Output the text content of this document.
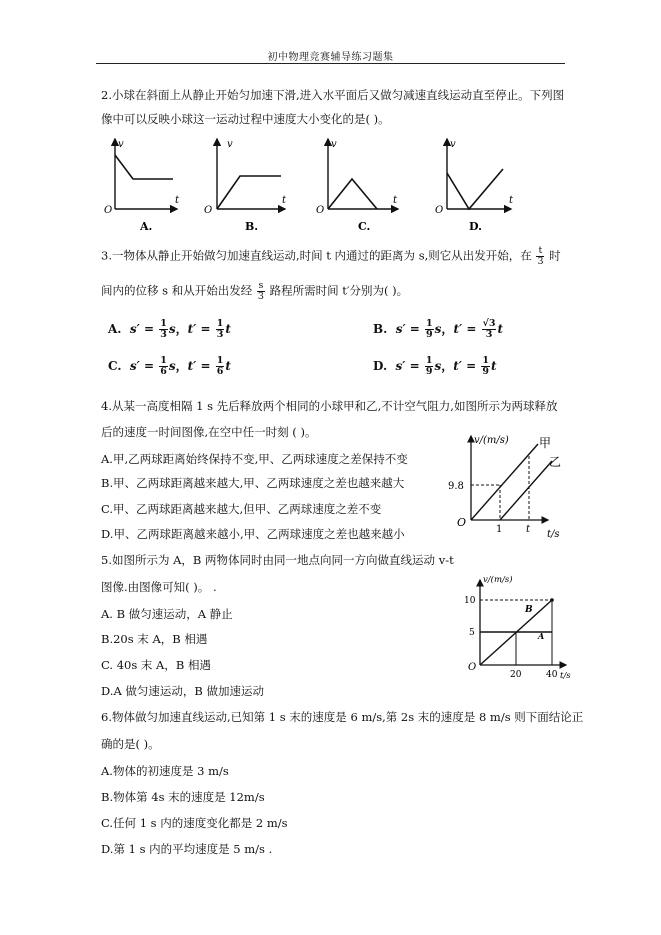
初中物理竞赛辅导练习题集
2.小球在斜面上从静止开始匀加速下滑,进入水平面后又做匀减速直线运动直至停止。下列图
像中可以反映小球这一运动过程中速度大小变化的是( )。
v
t
O
A.
v
t
O
B.
v
t
O
C.
v
t
O
D.
3.一物体从静止开始做匀加速直线运动,时间 t 内通过的距离为 s,则它从出发开始，在 $\frac{t}{3}$ 时
间内的位移 s 和从开始出发经 $\frac{s}{3}$ 路程所需时间 t′分别为( )。
A. $s' = \frac{1}{3}$ s，$t' = \frac{1}{3}$ t	B. $s' = \frac{1}{9}$ s，$t' = \frac{√3}{3}$ t
C. $s' = \frac{1}{6}$ s，$t' = \frac{1}{6}$ t	D. $s' = \frac{1}{9}$ s，$t' = \frac{1}{9}$ t
4.从某一高度相隔 1 s 先后释放两个相同的小球甲和乙,不计空气阻力,如图所示为两球释放
后的速度一时间图像,在空中任一时刻 ( )。
A.甲,乙两球距离始终保持不变,甲、乙两球速度之差保持不变
B.甲、乙两球距离越来越大,甲、乙两球速度之差也越来越大
C.甲、乙两球距离越来越大,但甲、乙两球速度之差不变
D.甲、乙两球距离越来越小,甲、乙两球速度之差也越来越小
v/(m/s)
t/s
O
9.8
1 t
甲
乙
5.如图所示为 A，B 两物体同时由同一地点向同一方向做直线运动 v-t
图像.由图像可知( )。 .
A. B 做匀速运动，A 静止
B.20s 末 A，B 相遇
C. 40s 末 A，B 相遇
D.A 做匀速运动，B 做加速运动
v/(m/s)
t/s
O
10
5
20	40
B
A
6.物体做匀加速直线运动,已知第 1 s 末的速度是 6 m/s,第 2s 末的速度是 8 m/s 则下面结论正
确的是( )。
A.物体的初速度是 3 m/s
B.物体第 4s 末的速度是 12m/s
C.任何 1 s 内的速度变化都是 2 m/s
D.第 1 s 内的平均速度是 5 m/s .
